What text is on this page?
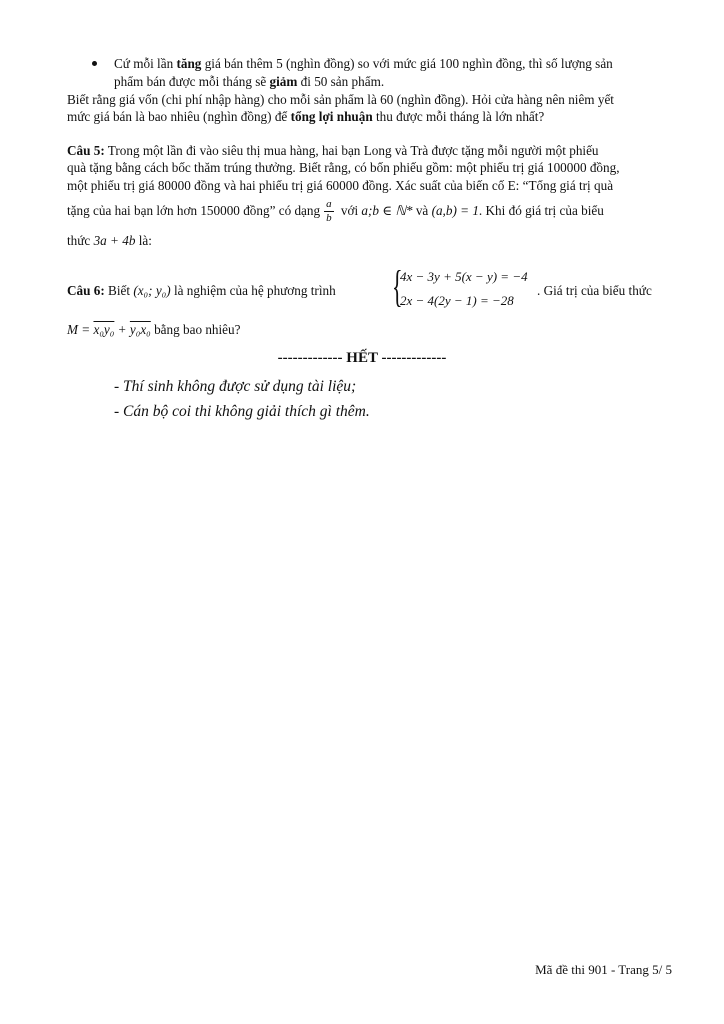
Cứ mỗi lần tăng giá bán thêm 5 (nghìn đồng) so với mức giá 100 nghìn đồng, thì số lượng sản
phẩm bán được mỗi tháng sẽ giảm đi 50 sản phẩm.
Biết rằng giá vốn (chi phí nhập hàng) cho mỗi sản phẩm là 60 (nghìn đồng). Hỏi cửa hàng nên niêm yết
mức giá bán là bao nhiêu (nghìn đồng) để tổng lợi nhuận thu được mỗi tháng là lớn nhất?
Câu 5: Trong một lần đi vào siêu thị mua hàng, hai bạn Long và Trà được tặng mỗi người một phiếu
quà tặng bằng cách bốc thăm trúng thưởng. Biết rằng, có bốn phiếu gồm: một phiếu trị giá 100000 đồng,
một phiếu trị giá 80000 đồng và hai phiếu trị giá 60000 đồng. Xác suất của biến cố E: “Tổng giá trị quà
tặng của hai bạn lớn hơn 150000 đồng” có dạng $\frac{a}{b}$ với a;b ∈ ℕ* và (a,b) = 1. Khi đó giá trị của biểu
thức 3a + 4b là:
Câu 6: Biết (x₀; y₀) là nghiệm của hệ phương trình {
4x − 3y + 5(x − y) = −4
2x − 4(2y − 1) = −28
. Giá trị của biểu thức
M = x₀y₀ + y₀x₀ bằng bao nhiêu?
------------- HẾT -------------
- Thí sinh không được sử dụng tài liệu;
- Cán bộ coi thi không giải thích gì thêm.
Mã đề thi 901 - Trang 5/ 5
